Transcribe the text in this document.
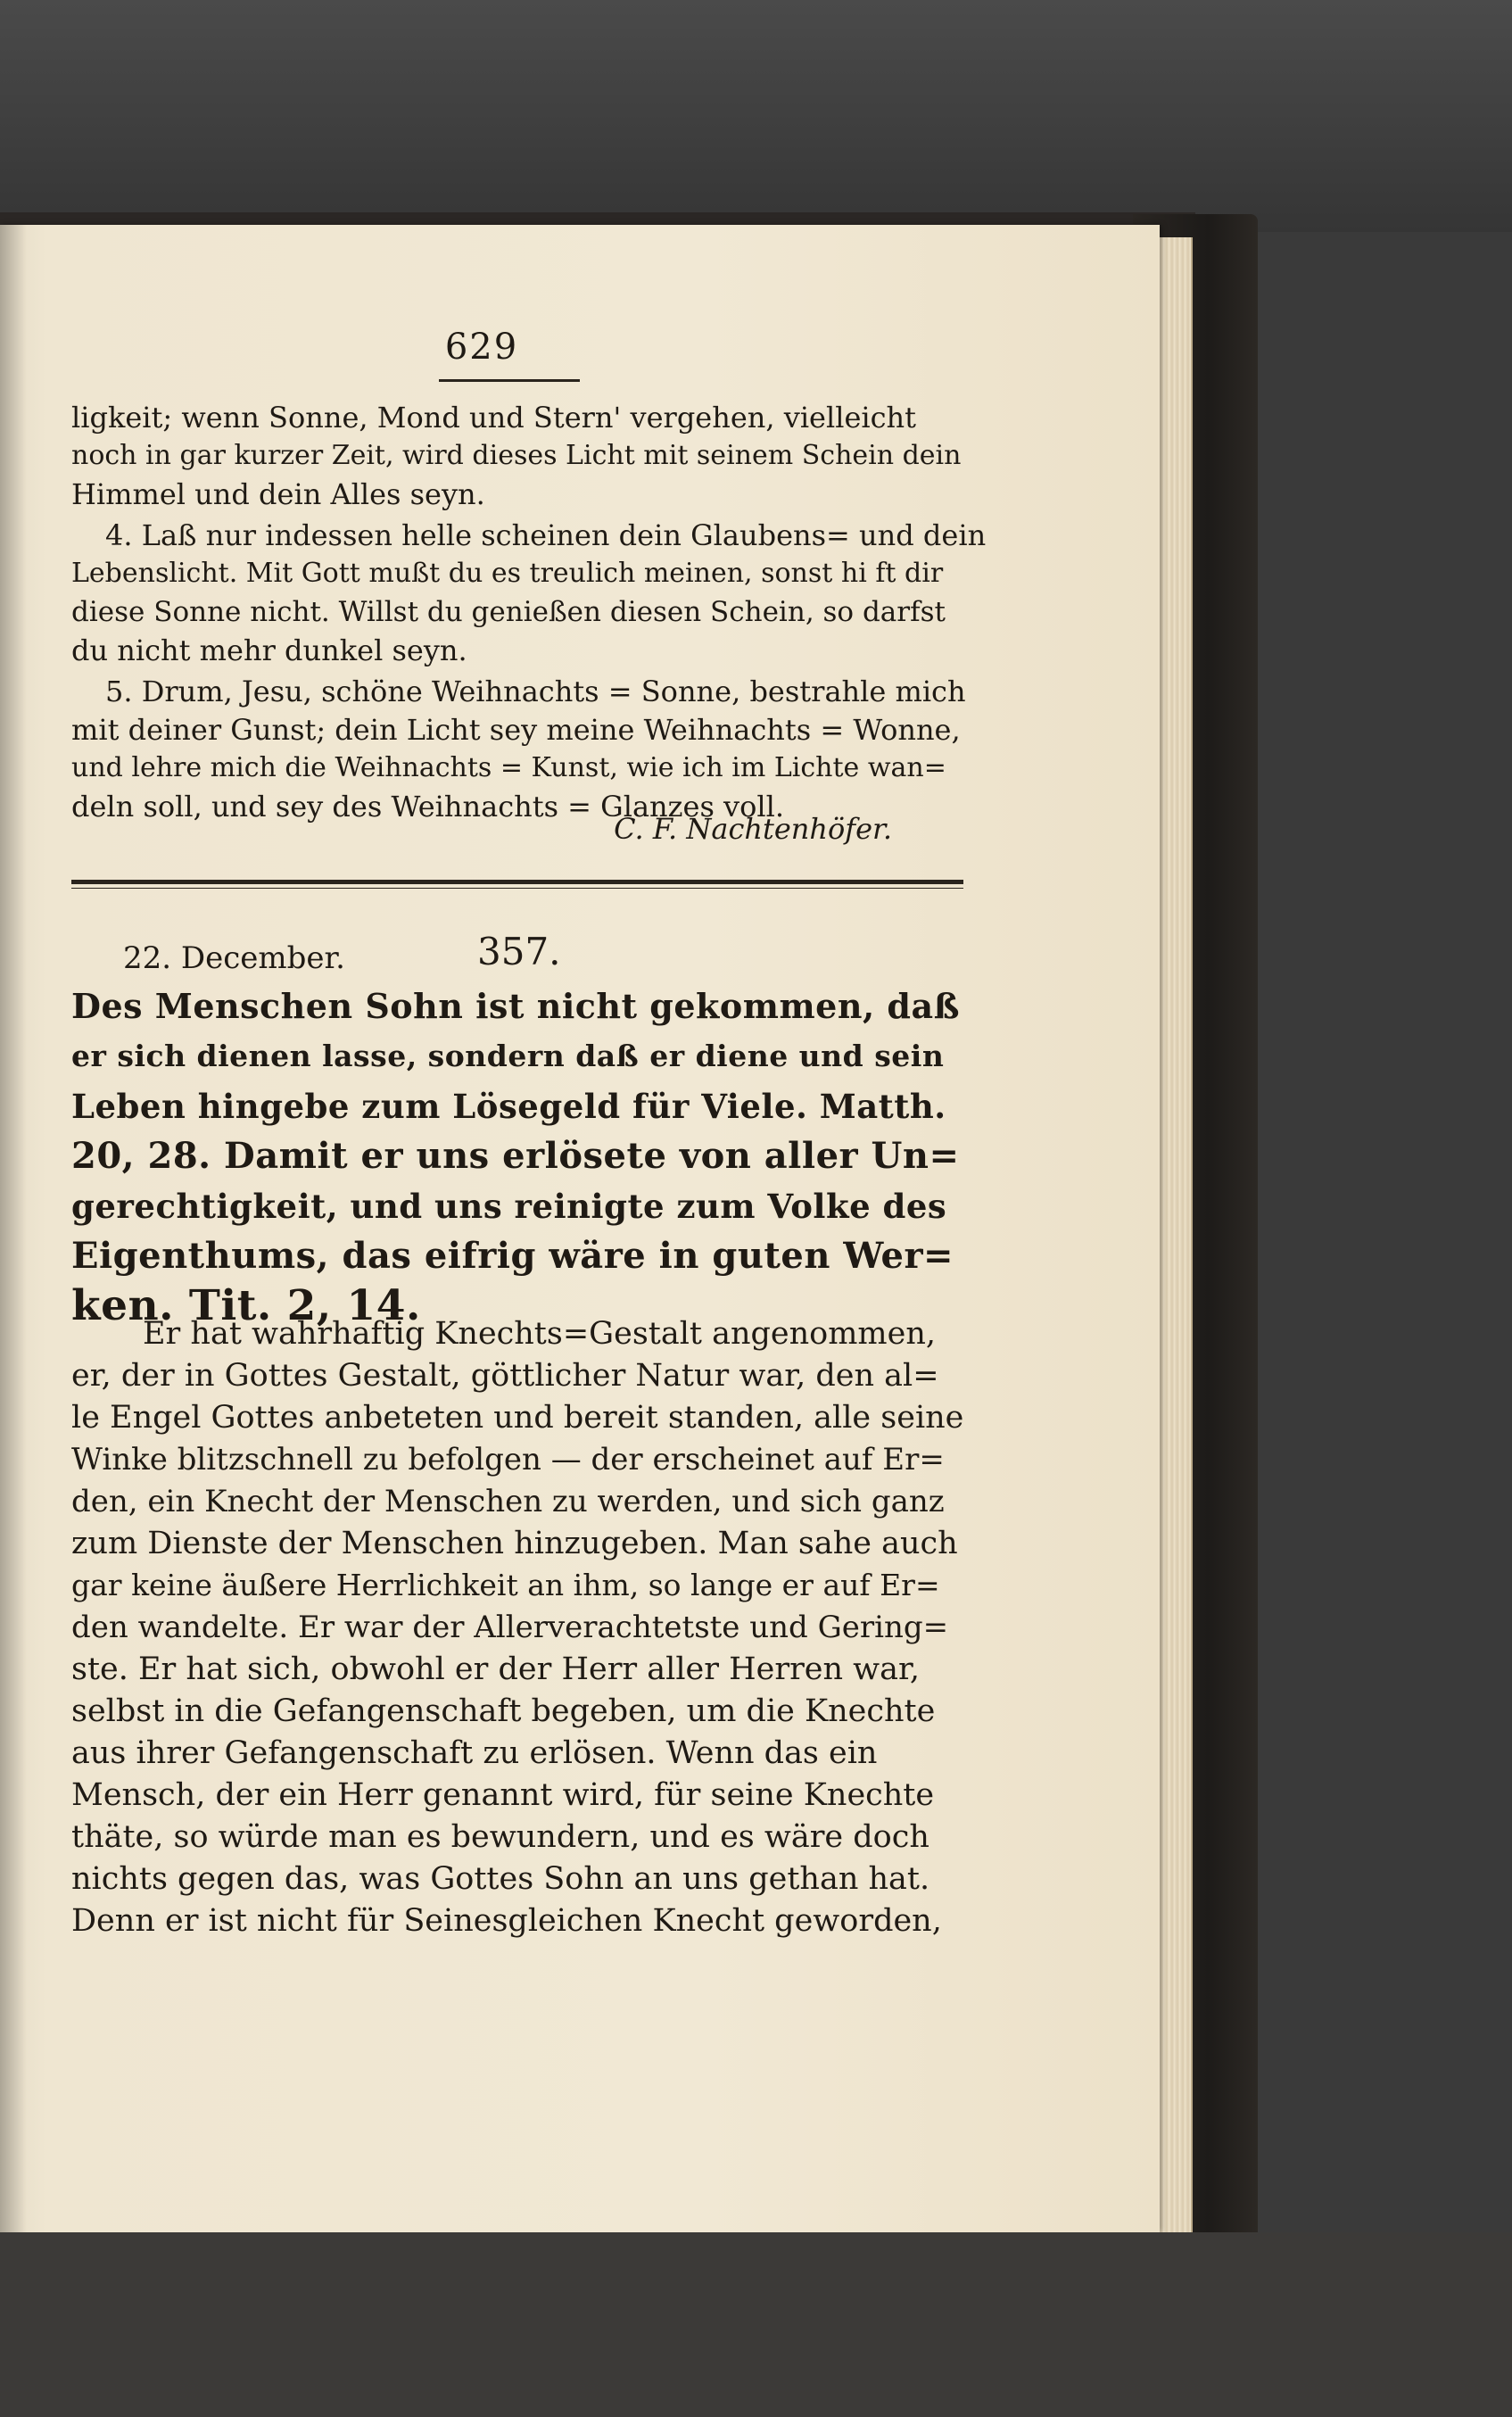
629
ligkeit; wenn Sonne, Mond und Stern' vergehen, vielleicht
noch in gar kurzer Zeit, wird dieses Licht mit seinem Schein dein
Himmel und dein Alles seyn.
4. Laß nur indessen helle scheinen dein Glaubens= und dein
Lebenslicht. Mit Gott mußt du es treulich meinen, sonst hi ft dir
diese Sonne nicht. Willst du genießen diesen Schein, so darfst
du nicht mehr dunkel seyn.
5. Drum, Jesu, schöne Weihnachts = Sonne, bestrahle mich
mit deiner Gunst; dein Licht sey meine Weihnachts = Wonne,
und lehre mich die Weihnachts = Kunst, wie ich im Lichte wan=
deln soll, und sey des Weihnachts = Glanzes voll.
C. F. Nachtenhöfer.
22. December.	357.
Des Menschen Sohn ist nicht gekommen, daß
er sich dienen lasse, sondern daß er diene und sein
Leben hingebe zum Lösegeld für Viele. Matth.
20, 28. Damit er uns erlösete von aller Un=
gerechtigkeit, und uns reinigte zum Volke des
Eigenthums, das eifrig wäre in guten Wer=
ken. Tit. 2, 14.
Er hat wahrhaftig Knechts=Gestalt angenommen,
er, der in Gottes Gestalt, göttlicher Natur war, den al=
le Engel Gottes anbeteten und bereit standen, alle seine
Winke blitzschnell zu befolgen — der erscheinet auf Er=
den, ein Knecht der Menschen zu werden, und sich ganz
zum Dienste der Menschen hinzugeben. Man sahe auch
gar keine äußere Herrlichkeit an ihm, so lange er auf Er=
den wandelte. Er war der Allerverachtetste und Gering=
ste. Er hat sich, obwohl er der Herr aller Herren war,
selbst in die Gefangenschaft begeben, um die Knechte
aus ihrer Gefangenschaft zu erlösen. Wenn das ein
Mensch, der ein Herr genannt wird, für seine Knechte
thäte, so würde man es bewundern, und es wäre doch
nichts gegen das, was Gottes Sohn an uns gethan hat.
Denn er ist nicht für Seinesgleichen Knecht geworden,
